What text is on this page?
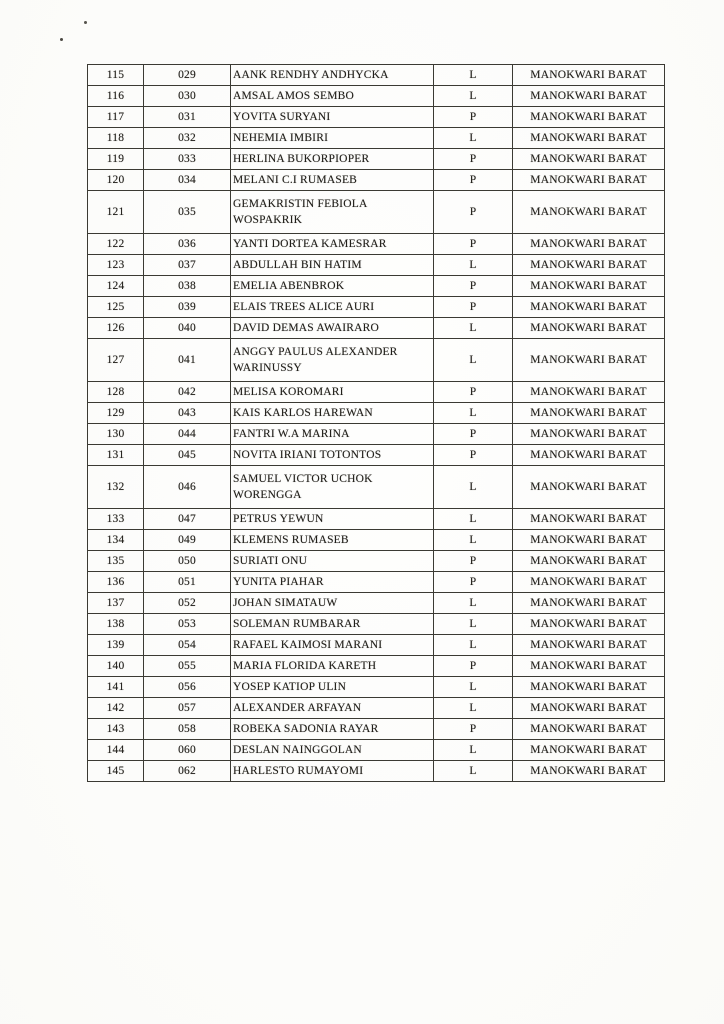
115	029	AANK RENDHY ANDHYCKA	L	MANOKWARI BARAT
116	030	AMSAL AMOS SEMBO	L	MANOKWARI BARAT
117	031	YOVITA SURYANI	P	MANOKWARI BARAT
118	032	NEHEMIA IMBIRI	L	MANOKWARI BARAT
119	033	HERLINA BUKORPIOPER	P	MANOKWARI BARAT
120	034	MELANI C.I RUMASEB	P	MANOKWARI BARAT
121	035	GEMAKRISTIN FEBIOLA WOSPAKRIK	P	MANOKWARI BARAT
122	036	YANTI DORTEA KAMESRAR	P	MANOKWARI BARAT
123	037	ABDULLAH BIN HATIM	L	MANOKWARI BARAT
124	038	EMELIA ABENBROK	P	MANOKWARI BARAT
125	039	ELAIS TREES ALICE AURI	P	MANOKWARI BARAT
126	040	DAVID DEMAS AWAIRARO	L	MANOKWARI BARAT
127	041	ANGGY PAULUS ALEXANDER WARINUSSY	L	MANOKWARI BARAT
128	042	MELISA KOROMARI	P	MANOKWARI BARAT
129	043	KAIS KARLOS HAREWAN	L	MANOKWARI BARAT
130	044	FANTRI W.A MARINA	P	MANOKWARI BARAT
131	045	NOVITA IRIANI TOTONTOS	P	MANOKWARI BARAT
132	046	SAMUEL VICTOR UCHOK WORENGGA	L	MANOKWARI BARAT
133	047	PETRUS YEWUN	L	MANOKWARI BARAT
134	049	KLEMENS RUMASEB	L	MANOKWARI BARAT
135	050	SURIATI ONU	P	MANOKWARI BARAT
136	051	YUNITA PIAHAR	P	MANOKWARI BARAT
137	052	JOHAN SIMATAUW	L	MANOKWARI BARAT
138	053	SOLEMAN RUMBARAR	L	MANOKWARI BARAT
139	054	RAFAEL KAIMOSI MARANI	L	MANOKWARI BARAT
140	055	MARIA FLORIDA KARETH	P	MANOKWARI BARAT
141	056	YOSEP KATIOP ULIN	L	MANOKWARI BARAT
142	057	ALEXANDER ARFAYAN	L	MANOKWARI BARAT
143	058	ROBEKA SADONIA RAYAR	P	MANOKWARI BARAT
144	060	DESLAN NAINGGOLAN	L	MANOKWARI BARAT
145	062	HARLESTO RUMAYOMI	L	MANOKWARI BARAT
